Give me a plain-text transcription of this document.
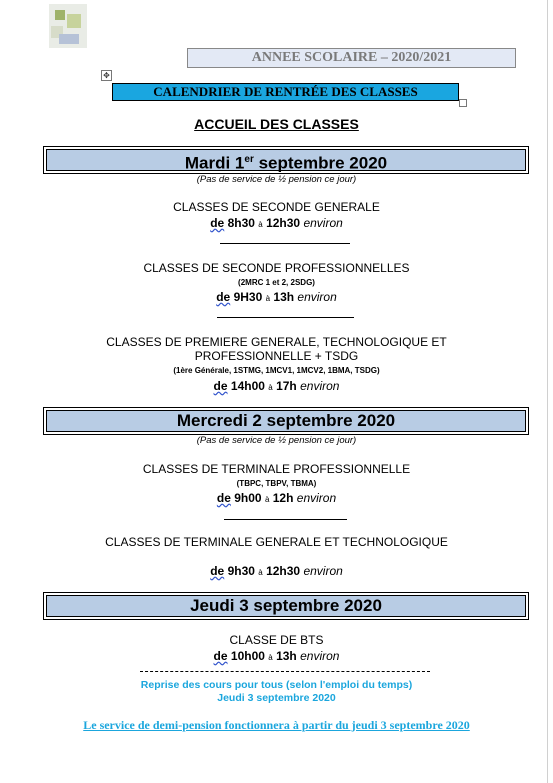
ANNEE SCOLAIRE – 2020/2021
✥
CALENDRIER DE RENTRÉE DES CLASSES
ACCUEIL DES CLASSES
Mardi 1er septembre 2020
(Pas de service de ½ pension ce jour)
CLASSES DE SECONDE GENERALE
de 8h30 à 12h30 environ
CLASSES DE SECONDE PROFESSIONNELLES
(2MRC 1 et 2, 2SDG)
de 9H30 à 13h environ
CLASSES DE PREMIERE GENERALE, TECHNOLOGIQUE ET
PROFESSIONNELLE + TSDG
(1ère Générale, 1STMG, 1MCV1, 1MCV2, 1BMA, TSDG)
de 14h00 à 17h environ
Mercredi 2 septembre 2020
(Pas de service de ½ pension ce jour)
CLASSES DE TERMINALE PROFESSIONNELLE
(TBPC, TBPV, TBMA)
de 9h00 à 12h environ
CLASSES DE TERMINALE GENERALE ET TECHNOLOGIQUE
de 9h30 à 12h30 environ
Jeudi 3 septembre 2020
CLASSE DE BTS
de 10h00 à 13h environ
Reprise des cours pour tous (selon l'emploi du temps)
Jeudi 3 septembre 2020
Le service de demi-pension fonctionnera à partir du jeudi 3 septembre 2020
